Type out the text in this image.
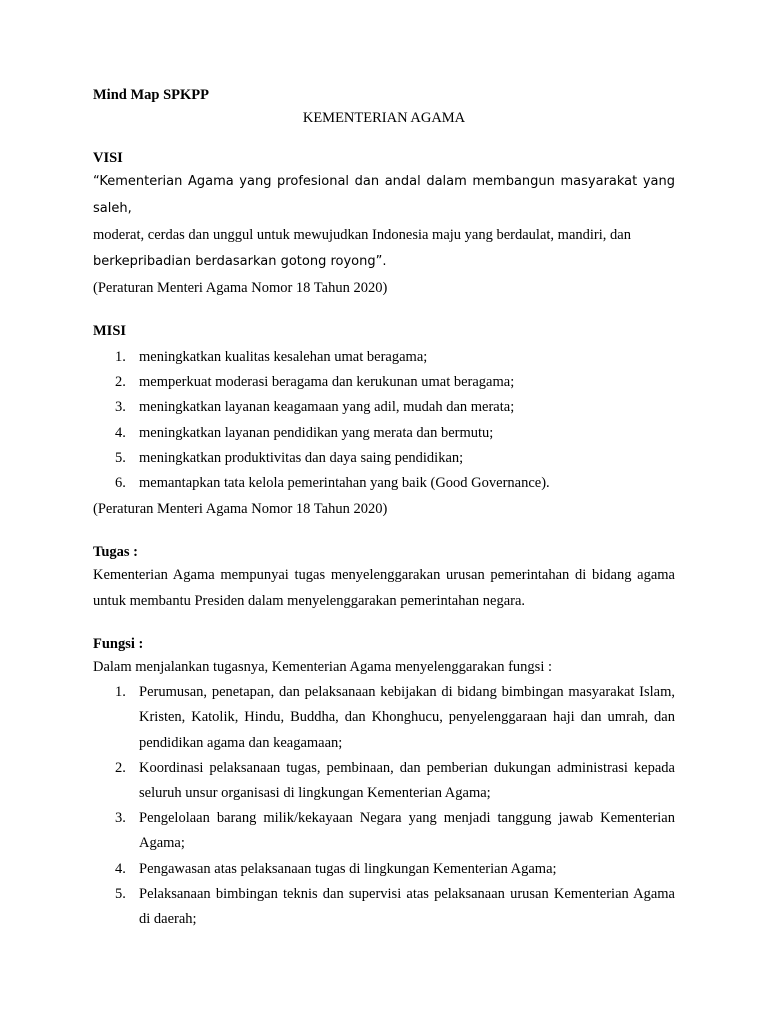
Mind Map SPKPP

KEMENTERIAN AGAMA

VISI

“Kementerian Agama yang profesional dan andal dalam membangun masyarakat yang saleh,
moderat, cerdas dan unggul untuk mewujudkan Indonesia maju yang berdaulat, mandiri, dan
berkepribadian berdasarkan gotong royong”.

(Peraturan Menteri Agama Nomor 18 Tahun 2020)

MISI

1. meningkatkan kualitas kesalehan umat beragama;
2. memperkuat moderasi beragama dan kerukunan umat beragama;
3. meningkatkan layanan keagamaan yang adil, mudah dan merata;
4. meningkatkan layanan pendidikan yang merata dan bermutu;
5. meningkatkan produktivitas dan daya saing pendidikan;
6. memantapkan tata kelola pemerintahan yang baik (Good Governance).

(Peraturan Menteri Agama Nomor 18 Tahun 2020)

Tugas :

Kementerian Agama mempunyai tugas menyelenggarakan urusan pemerintahan di bidang agama untuk membantu Presiden dalam menyelenggarakan pemerintahan negara.

Fungsi :

Dalam menjalankan tugasnya, Kementerian Agama menyelenggarakan fungsi :

1. Perumusan, penetapan, dan pelaksanaan kebijakan di bidang bimbingan masyarakat Islam, Kristen, Katolik, Hindu, Buddha, dan Khonghucu, penyelenggaraan haji dan umrah, dan pendidikan agama dan keagamaan;
2. Koordinasi pelaksanaan tugas, pembinaan, dan pemberian dukungan administrasi kepada seluruh unsur organisasi di lingkungan Kementerian Agama;
3. Pengelolaan barang milik/kekayaan Negara yang menjadi tanggung jawab Kementerian Agama;
4. Pengawasan atas pelaksanaan tugas di lingkungan Kementerian Agama;
5. Pelaksanaan bimbingan teknis dan supervisi atas pelaksanaan urusan Kementerian Agama di daerah;
